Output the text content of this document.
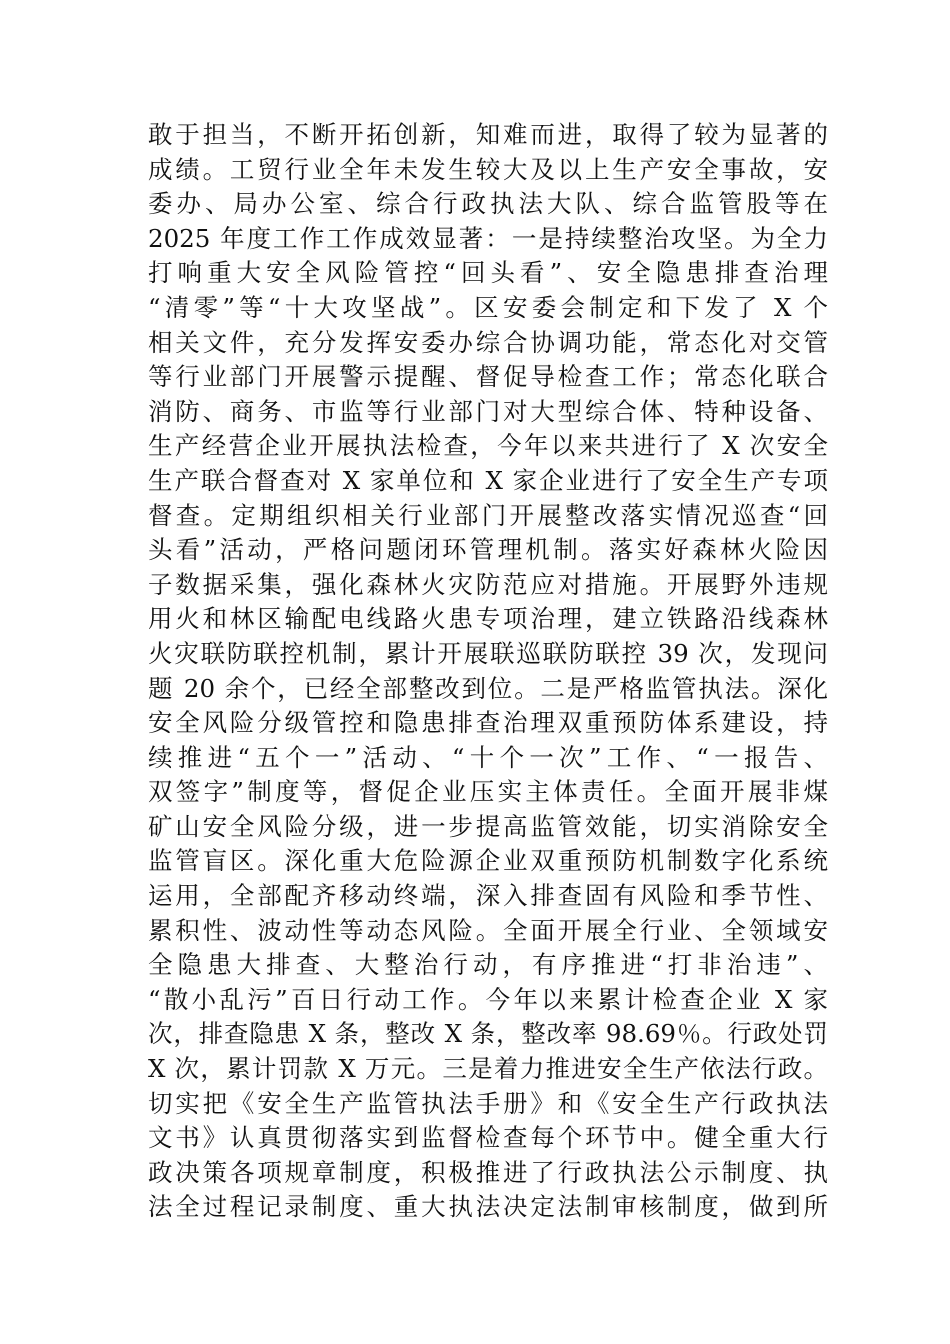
敢于担当，不断开拓创新，知难而进，取得了较为显著的
成绩。工贸行业全年未发生较大及以上生产安全事故，安
委办、局办公室、综合行政执法大队、综合监管股等在
2025 年度工作工作成效显著：一是持续整治攻坚。为全力
打响重大安全风险管控“回头看”、安全隐患排查治理
“清零”等“十大攻坚战”。区安委会制定和下发了 X 个
相关文件，充分发挥安委办综合协调功能，常态化对交管
等行业部门开展警示提醒、督促导检查工作；常态化联合
消防、商务、市监等行业部门对大型综合体、特种设备、
生产经营企业开展执法检查，今年以来共进行了 X 次安全
生产联合督查对 X 家单位和 X 家企业进行了安全生产专项
督查。定期组织相关行业部门开展整改落实情况巡查“回
头看”活动，严格问题闭环管理机制。落实好森林火险因
子数据采集，强化森林火灾防范应对措施。开展野外违规
用火和林区输配电线路火患专项治理，建立铁路沿线森林
火灾联防联控机制，累计开展联巡联防联控 39 次，发现问
题 20 余个，已经全部整改到位。二是严格监管执法。深化
安全风险分级管控和隐患排查治理双重预防体系建设，持
续推进“五个一”活动、“十个一次”工作、“一报告、
双签字”制度等，督促企业压实主体责任。全面开展非煤
矿山安全风险分级，进一步提高监管效能，切实消除安全
监管盲区。深化重大危险源企业双重预防机制数字化系统
运用，全部配齐移动终端，深入排查固有风险和季节性、
累积性、波动性等动态风险。全面开展全行业、全领域安
全隐患大排查、大整治行动，有序推进“打非治违”、
“散小乱污”百日行动工作。今年以来累计检查企业 X 家
次，排查隐患 X 条，整改 X 条，整改率 98.69％。行政处罚
X 次，累计罚款 X 万元。三是着力推进安全生产依法行政。
切实把《安全生产监管执法手册》和《安全生产行政执法
文书》认真贯彻落实到监督检查每个环节中。健全重大行
政决策各项规章制度，积极推进了行政执法公示制度、执
法全过程记录制度、重大执法决定法制审核制度，做到所
